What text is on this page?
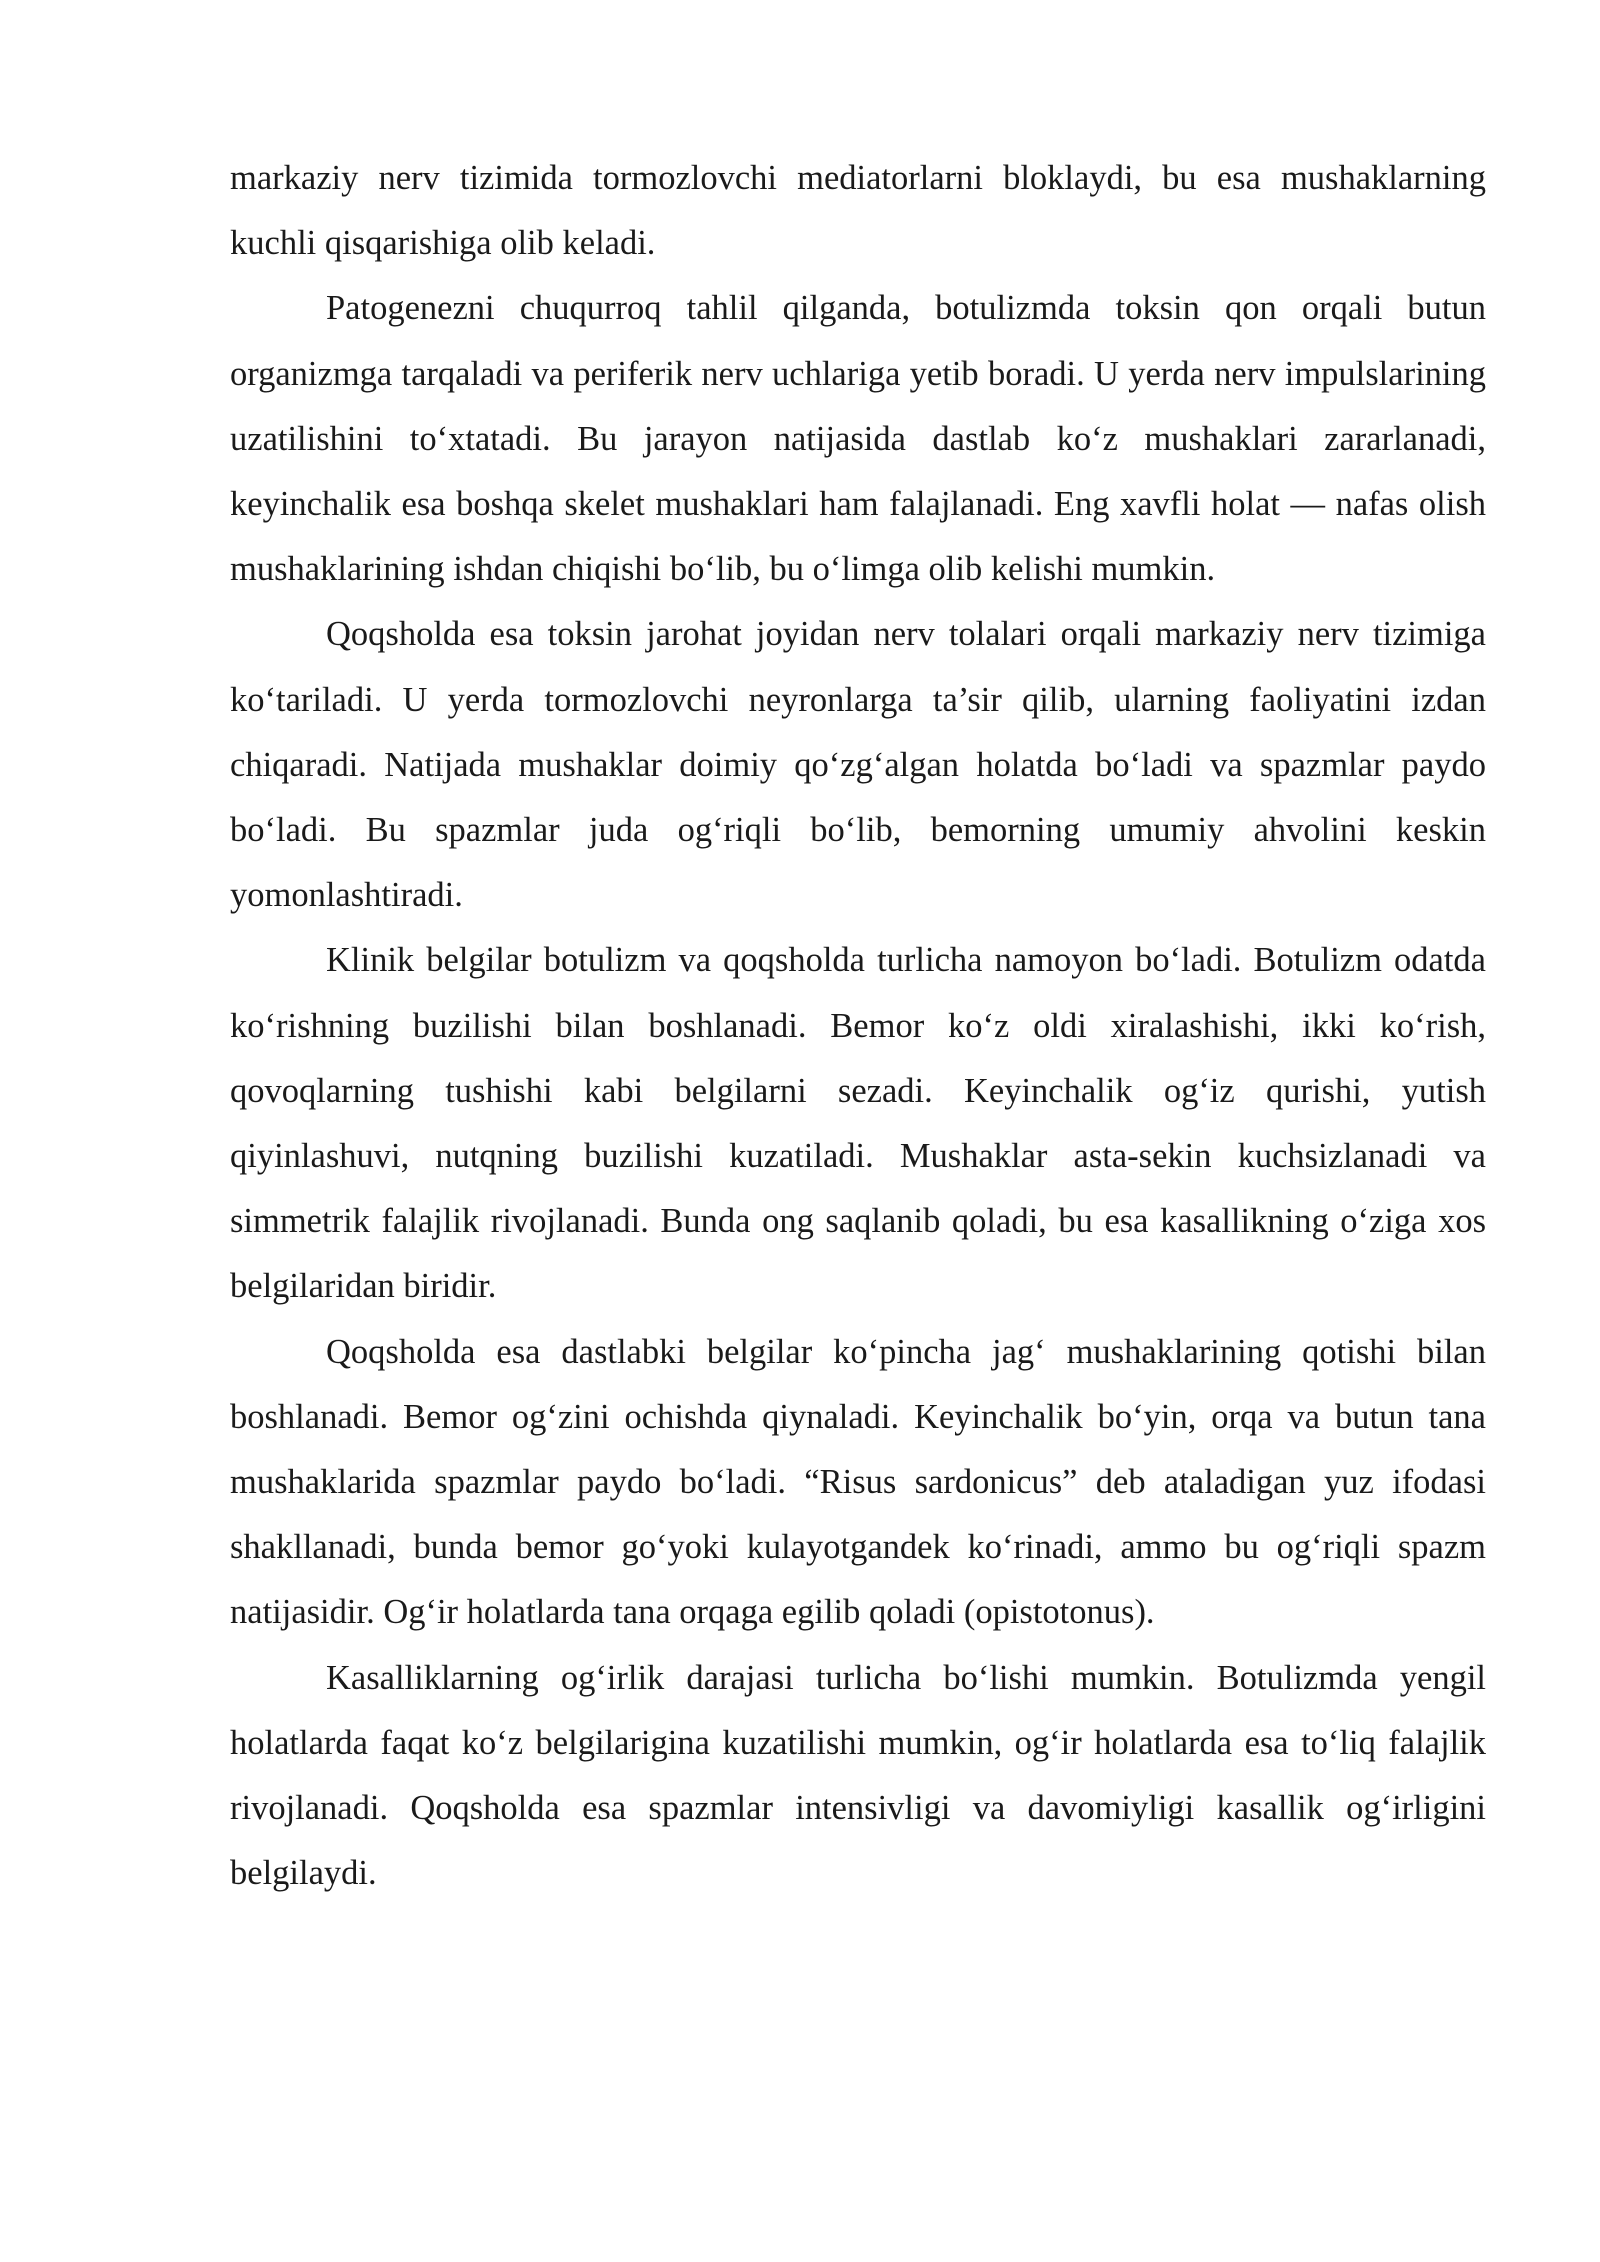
markaziy nerv tizimida tormozlovchi mediatorlarni bloklaydi, bu esa mushaklarning kuchli qisqarishiga olib keladi.

Patogenezni chuqurroq tahlil qilganda, botulizmda toksin qon orqali butun organizmga tarqaladi va periferik nerv uchlariga yetib boradi. U yerda nerv impulslarining uzatilishini to‘xtatadi. Bu jarayon natijasida dastlab ko‘z mushaklari zararlanadi, keyinchalik esa boshqa skelet mushaklari ham falajlanadi. Eng xavfli holat — nafas olish mushaklarining ishdan chiqishi bo‘lib, bu o‘limga olib kelishi mumkin.

Qoqsholda esa toksin jarohat joyidan nerv tolalari orqali markaziy nerv tizimiga ko‘tariladi. U yerda tormozlovchi neyronlarga ta’sir qilib, ularning faoliyatini izdan chiqaradi. Natijada mushaklar doimiy qo‘zg‘algan holatda bo‘ladi va spazmlar paydo bo‘ladi. Bu spazmlar juda og‘riqli bo‘lib, bemorning umumiy ahvolini keskin yomonlashtiradi.

Klinik belgilar botulizm va qoqsholda turlicha namoyon bo‘ladi. Botulizm odatda ko‘rishning buzilishi bilan boshlanadi. Bemor ko‘z oldi xiralashishi, ikki ko‘rish, qovoqlarning tushishi kabi belgilarni sezadi. Keyinchalik og‘iz qurishi, yutish qiyinlashuvi, nutqning buzilishi kuzatiladi. Mushaklar asta-sekin kuchsizlanadi va simmetrik falajlik rivojlanadi. Bunda ong saqlanib qoladi, bu esa kasallikning o‘ziga xos belgilaridan biridir.

Qoqsholda esa dastlabki belgilar ko‘pincha jag‘ mushaklarining qotishi bilan boshlanadi. Bemor og‘zini ochishda qiynaladi. Keyinchalik bo‘yin, orqa va butun tana mushaklarida spazmlar paydo bo‘ladi. “Risus sardonicus” deb ataladigan yuz ifodasi shakllanadi, bunda bemor go‘yoki kulayotgandek ko‘rinadi, ammo bu og‘riqli spazm natijasidir. Og‘ir holatlarda tana orqaga egilib qoladi (opistotonus).

Kasalliklarning og‘irlik darajasi turlicha bo‘lishi mumkin. Botulizmda yengil holatlarda faqat ko‘z belgilarigina kuzatilishi mumkin, og‘ir holatlarda esa to‘liq falajlik rivojlanadi. Qoqsholda esa spazmlar intensivligi va davomiyligi kasallik og‘irligini belgilaydi.
